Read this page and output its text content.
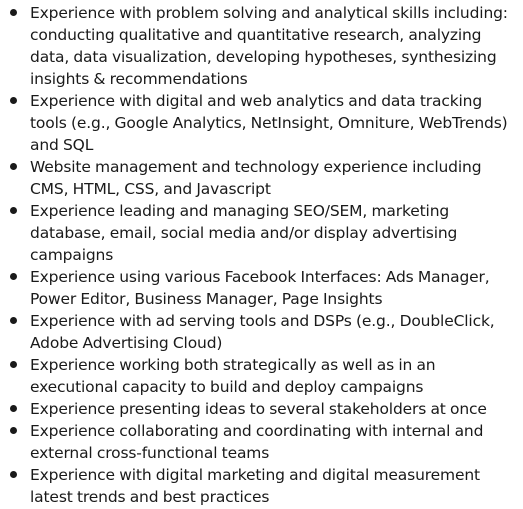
Experience with problem solving and analytical skills including: conducting qualitative and quantitative research, analyzing data, data visualization, developing hypotheses, synthesizing insights & recommendations
Experience with digital and web analytics and data tracking tools (e.g., Google Analytics, NetInsight, Omniture, WebTrends) and SQL
Website management and technology experience including CMS, HTML, CSS, and Javascript
Experience leading and managing SEO/SEM, marketing database, email, social media and/or display advertising campaigns
Experience using various Facebook Interfaces: Ads Manager, Power Editor, Business Manager, Page Insights
Experience with ad serving tools and DSPs (e.g., DoubleClick, Adobe Advertising Cloud)
Experience working both strategically as well as in an executional capacity to build and deploy campaigns
Experience presenting ideas to several stakeholders at once
Experience collaborating and coordinating with internal and external cross-functional teams
Experience with digital marketing and digital measurement latest trends and best practices
